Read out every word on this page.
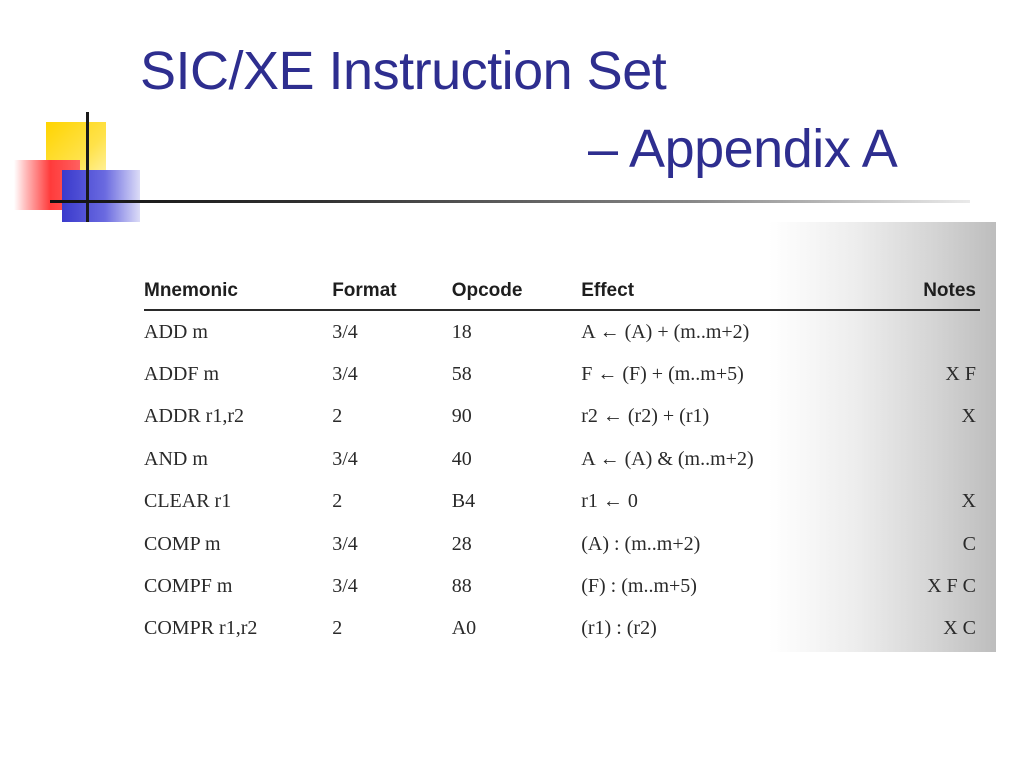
SIC/XE Instruction Set
– Appendix A
Mnemonic	Format	Opcode	Effect	Notes
ADD m	3/4	18	A ← (A) + (m..m+2)	
ADDF m	3/4	58	F ← (F) + (m..m+5)	X F
ADDR r1,r2	2	90	r2 ← (r2) + (r1)	X
AND m	3/4	40	A ← (A) & (m..m+2)	
CLEAR r1	2	B4	r1 ← 0	X
COMP m	3/4	28	(A) : (m..m+2)	C
COMPF m	3/4	88	(F) : (m..m+5)	X F C
COMPR r1,r2	2	A0	(r1) : (r2)	X C
